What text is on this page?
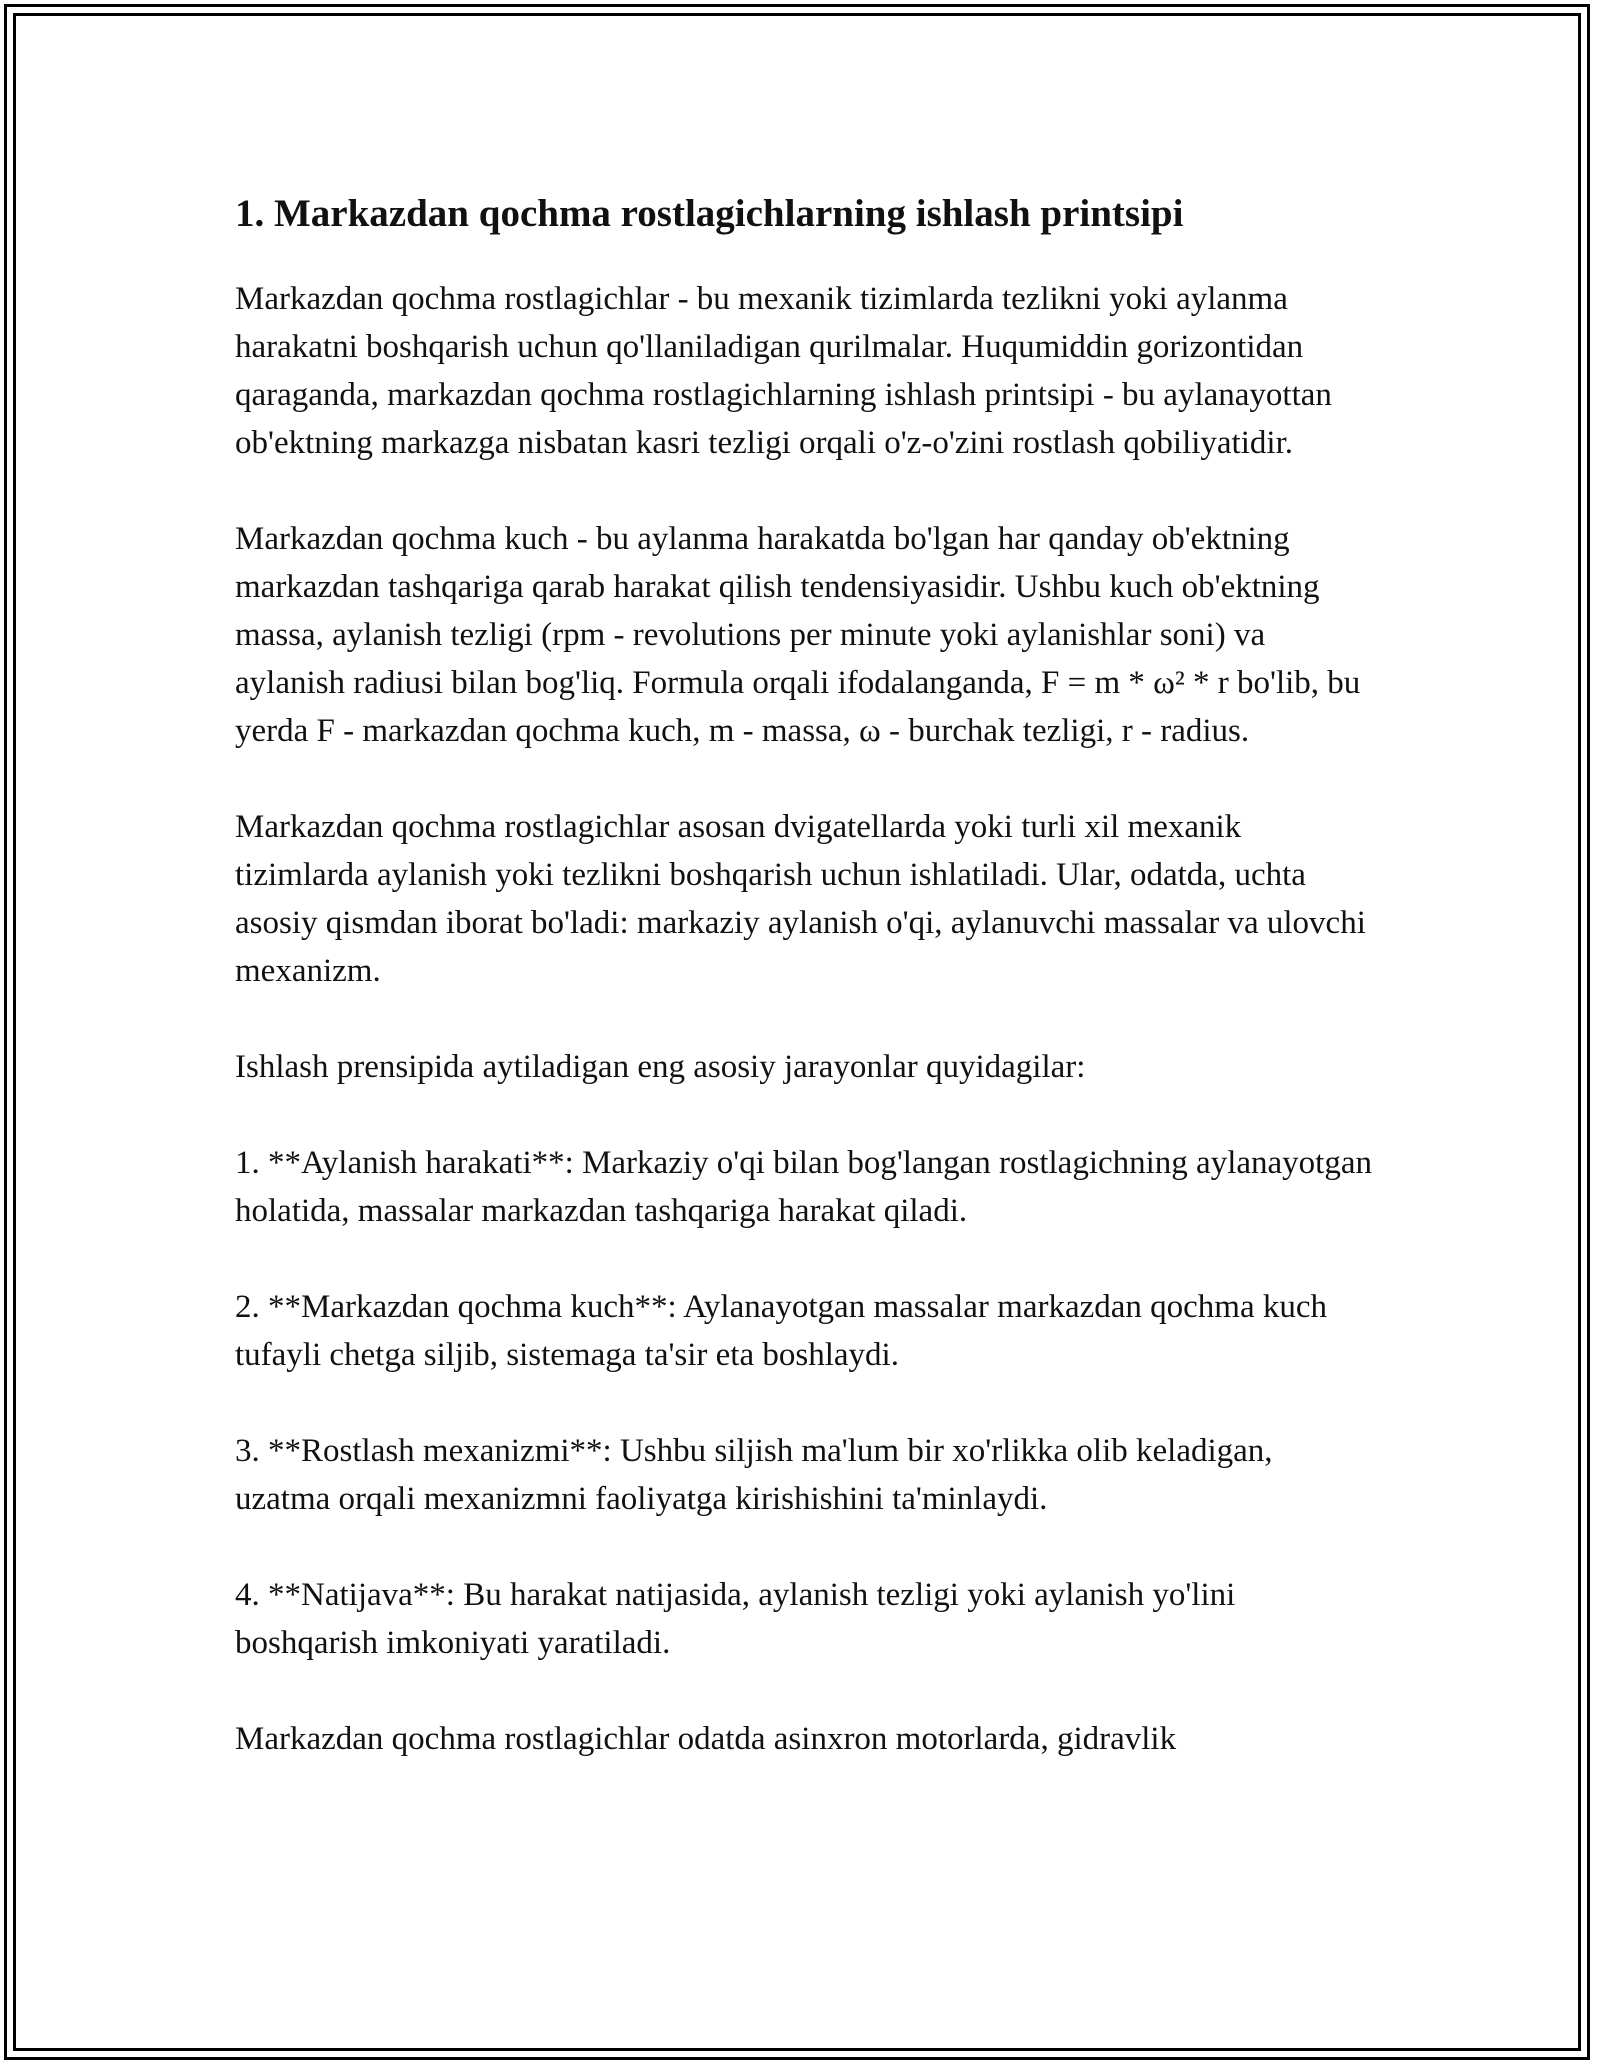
1. Markazdan qochma rostlagichlarning ishlash printsipi

Markazdan qochma rostlagichlar - bu mexanik tizimlarda tezlikni yoki aylanma harakatni boshqarish uchun qo'llaniladigan qurilmalar. Huqumiddin gorizontidan qaraganda, markazdan qochma rostlagichlarning ishlash printsipi - bu aylanayottan ob'ektning markazga nisbatan kasri tezligi orqali o'z-o'zini rostlash qobiliyatidir.

Markazdan qochma kuch - bu aylanma harakatda bo'lgan har qanday ob'ektning markazdan tashqariga qarab harakat qilish tendensiyasidir. Ushbu kuch ob'ektning massa, aylanish tezligi (rpm - revolutions per minute yoki aylanishlar soni) va aylanish radiusi bilan bog'liq. Formula orqali ifodalanganda, F = m * ω² * r bo'lib, bu yerda F - markazdan qochma kuch, m - massa, ω - burchak tezligi, r - radius.

Markazdan qochma rostlagichlar asosan dvigatellarda yoki turli xil mexanik tizimlarda aylanish yoki tezlikni boshqarish uchun ishlatiladi. Ular, odatda, uchta asosiy qismdan iborat bo'ladi: markaziy aylanish o'qi, aylanuvchi massalar va ulovchi mexanizm.

Ishlash prensipida aytiladigan eng asosiy jarayonlar quyidagilar:

1. **Aylanish harakati**: Markaziy o'qi bilan bog'langan rostlagichning aylanayotgan holatida, massalar markazdan tashqariga harakat qiladi.

2. **Markazdan qochma kuch**: Aylanayotgan massalar markazdan qochma kuch tufayli chetga siljib, sistemaga ta'sir eta boshlaydi.

3. **Rostlash mexanizmi**: Ushbu siljish ma'lum bir xo'rlikka olib keladigan, uzatma orqali mexanizmni faoliyatga kirishishini ta'minlaydi.

4. **Natijava**: Bu harakat natijasida, aylanish tezligi yoki aylanish yo'lini boshqarish imkoniyati yaratiladi.

Markazdan qochma rostlagichlar odatda asinxron motorlarda, gidravlik
